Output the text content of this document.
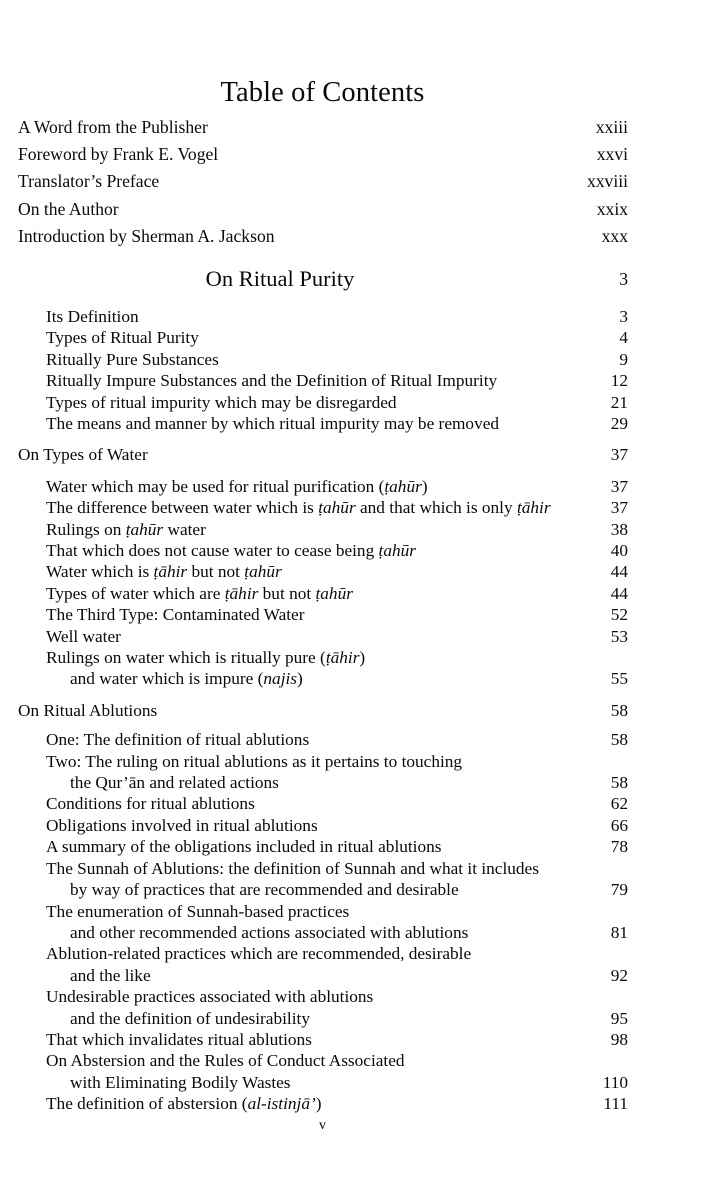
Table of Contents
A Word from the Publisher	xxiii
Foreword by Frank E. Vogel	xxvi
Translator’s Preface	xxviii
On the Author	xxix
Introduction by Sherman A. Jackson	xxx
On Ritual Purity	3
Its Definition	3
Types of Ritual Purity	4
Ritually Pure Substances	9
Ritually Impure Substances and the Definition of Ritual Impurity	12
Types of ritual impurity which may be disregarded	21
The means and manner by which ritual impurity may be removed	29
On Types of Water	37
Water which may be used for ritual purification (ṭahūr)	37
The difference between water which is ṭahūr and that which is only ṭāhir	37
Rulings on ṭahūr water	38
That which does not cause water to cease being ṭahūr	40
Water which is ṭāhir but not ṭahūr	44
Types of water which are ṭāhir but not ṭahūr	44
The Third Type: Contaminated Water	52
Well water	53
Rulings on water which is ritually pure (ṭāhir)
and water which is impure (najis)	55
On Ritual Ablutions	58
One: The definition of ritual ablutions	58
Two: The ruling on ritual ablutions as it pertains to touching
the Qur’ān and related actions	58
Conditions for ritual ablutions	62
Obligations involved in ritual ablutions	66
A summary of the obligations included in ritual ablutions	78
The Sunnah of Ablutions: the definition of Sunnah and what it includes
by way of practices that are recommended and desirable	79
The enumeration of Sunnah-based practices
and other recommended actions associated with ablutions	81
Ablution-related practices which are recommended, desirable
and the like	92
Undesirable practices associated with ablutions
and the definition of undesirability	95
That which invalidates ritual ablutions	98
On Abstersion and the Rules of Conduct Associated
with Eliminating Bodily Wastes	110
The definition of abstersion (al-istinjā’)	111
v
